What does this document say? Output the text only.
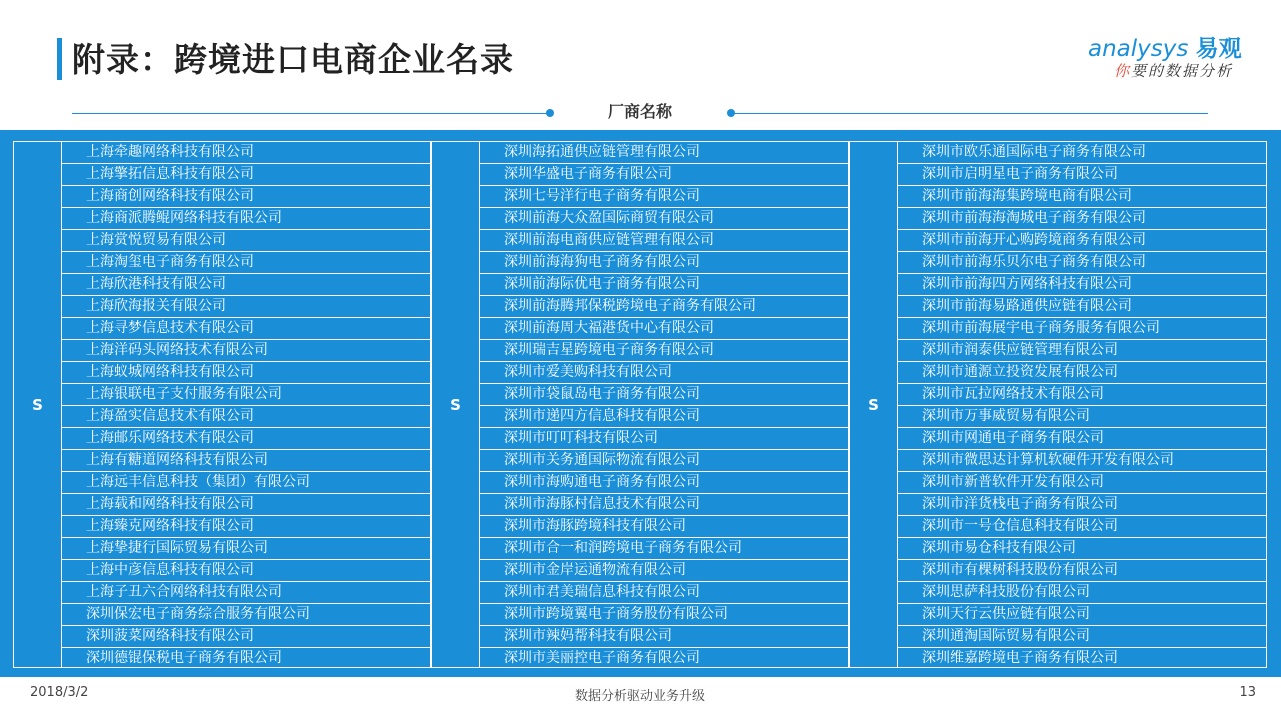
附录：跨境进口电商企业名录	analysys 易观
你要的数据分析
厂商名称
S
上海牵趣网络科技有限公司
上海擎拓信息科技有限公司
上海商创网络科技有限公司
上海商派腾鲲网络科技有限公司
上海赏悦贸易有限公司
上海淘玺电子商务有限公司
上海欣港科技有限公司
上海欣海报关有限公司
上海寻梦信息技术有限公司
上海洋码头网络技术有限公司
上海蚁城网络科技有限公司
上海银联电子支付服务有限公司
上海盈实信息技术有限公司
上海邮乐网络技术有限公司
上海有糖道网络科技有限公司
上海远丰信息科技（集团）有限公司
上海载和网络科技有限公司
上海臻克网络科技有限公司
上海挚捷行国际贸易有限公司
上海中彦信息科技有限公司
上海子丑六合网络科技有限公司
深圳保宏电子商务综合服务有限公司
深圳菠菜网络科技有限公司
深圳德锟保税电子商务有限公司
S
深圳海拓通供应链管理有限公司
深圳华盛电子商务有限公司
深圳七号洋行电子商务有限公司
深圳前海大众盈国际商贸有限公司
深圳前海电商供应链管理有限公司
深圳前海海狗电子商务有限公司
深圳前海际优电子商务有限公司
深圳前海腾邦保税跨境电子商务有限公司
深圳前海周大福港货中心有限公司
深圳瑞吉星跨境电子商务有限公司
深圳市爱美购科技有限公司
深圳市袋鼠岛电子商务有限公司
深圳市递四方信息科技有限公司
深圳市叮叮科技有限公司
深圳市关务通国际物流有限公司
深圳市海购通电子商务有限公司
深圳市海豚村信息技术有限公司
深圳市海豚跨境科技有限公司
深圳市合一和润跨境电子商务有限公司
深圳市金岸运通物流有限公司
深圳市君美瑞信息科技有限公司
深圳市跨境翼电子商务股份有限公司
深圳市辣妈帮科技有限公司
深圳市美丽控电子商务有限公司
S
深圳市欧乐通国际电子商务有限公司
深圳市启明星电子商务有限公司
深圳市前海海集跨境电商有限公司
深圳市前海海淘城电子商务有限公司
深圳市前海开心购跨境商务有限公司
深圳市前海乐贝尔电子商务有限公司
深圳市前海四方网络科技有限公司
深圳市前海易路通供应链有限公司
深圳市前海展宇电子商务服务有限公司
深圳市润泰供应链管理有限公司
深圳市通源立投资发展有限公司
深圳市瓦拉网络技术有限公司
深圳市万事威贸易有限公司
深圳市网通电子商务有限公司
深圳市微思达计算机软硬件开发有限公司
深圳市新普软件开发有限公司
深圳市洋货栈电子商务有限公司
深圳市一号仓信息科技有限公司
深圳市易仓科技有限公司
深圳市有棵树科技股份有限公司
深圳思萨科技股份有限公司
深圳天行云供应链有限公司
深圳通淘国际贸易有限公司
深圳维嘉跨境电子商务有限公司
2018/3/2	数据分析驱动业务升级	13
